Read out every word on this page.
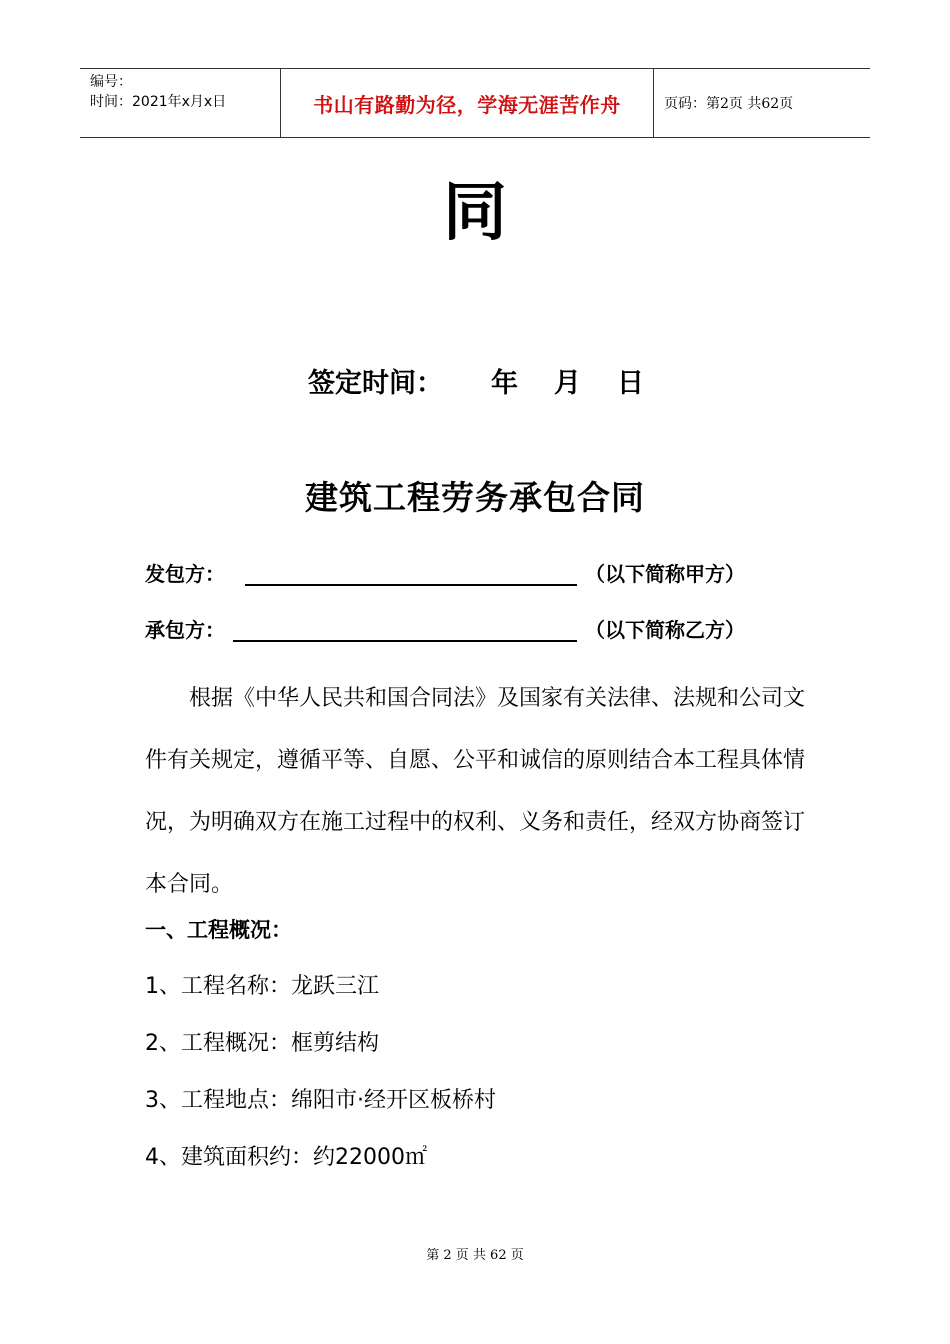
编号：
时间：2021年x月x日	书山有路勤为径，学海无涯苦作舟	页码：第2页 共62页
同
签定时间： 年 月 日
建筑工程劳务承包合同
发包方：	（以下简称甲方）
承包方：	（以下简称乙方）

根据《中华人民共和国合同法》及国家有关法律、法规和公司文件有关规定，遵循平等、自愿、公平和诚信的原则结合本工程具体情况，为明确双方在施工过程中的权利、义务和责任，经双方协商签订本合同。

一、工程概况：
1、工程名称：龙跃三江
2、工程概况：框剪结构
3、工程地点：绵阳市·经开区板桥村
4、建筑面积约：约22000㎡
第 2 页 共 62 页
